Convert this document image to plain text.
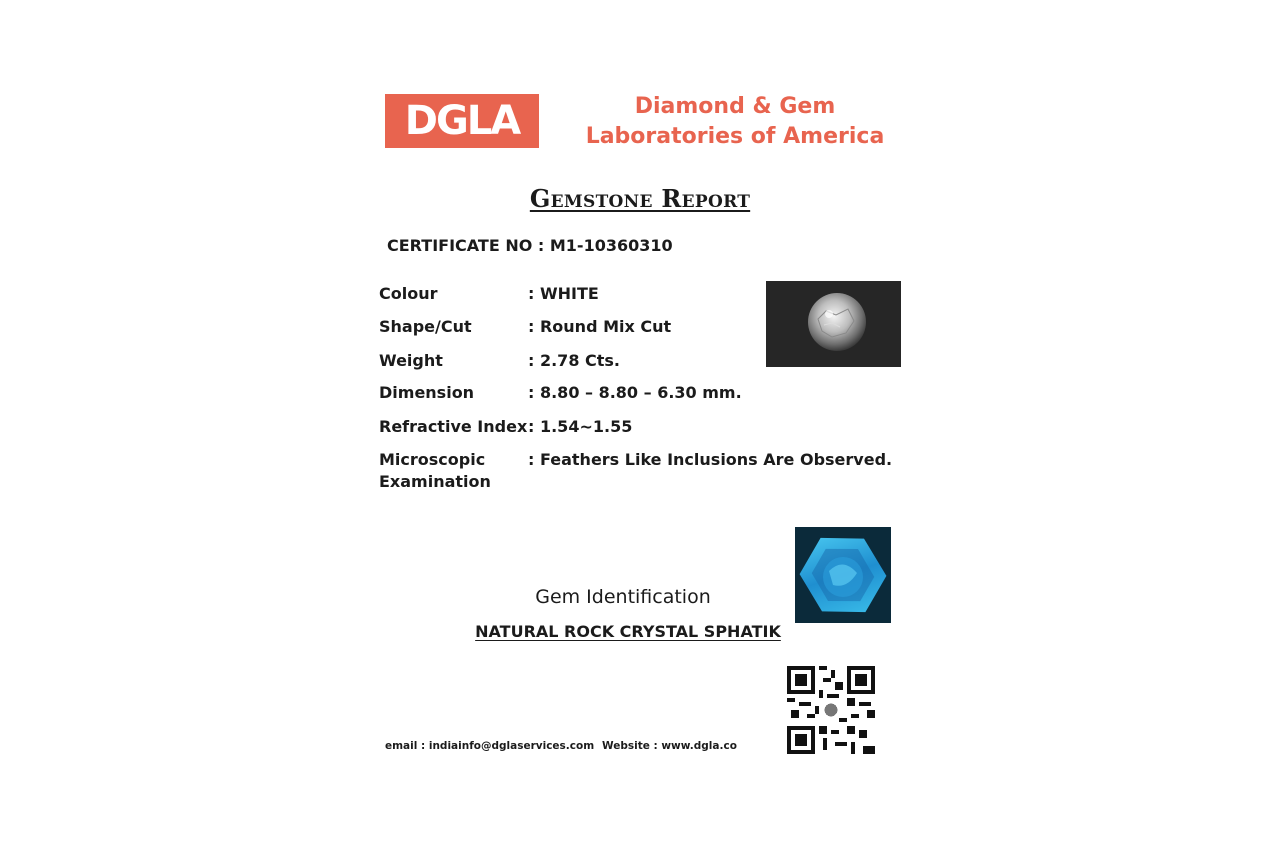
DGLA	Diamond & Gem
Laboratories of America
Gemstone Report
CERTIFICATE NO : M1-10360310
Colour	: WHITE
Shape/Cut	: Round Mix Cut
Weight	: 2.78 Cts.
Dimension	: 8.80 – 8.80 – 6.30 mm.
Refractive Index : 1.54~1.55
Microscopic
Examination
: Feathers Like Inclusions Are Observed.
Gem Identification
NATURAL ROCK CRYSTAL SPHATIK
email : indiainfo@dglaservices.com Website : www.dgla.co
